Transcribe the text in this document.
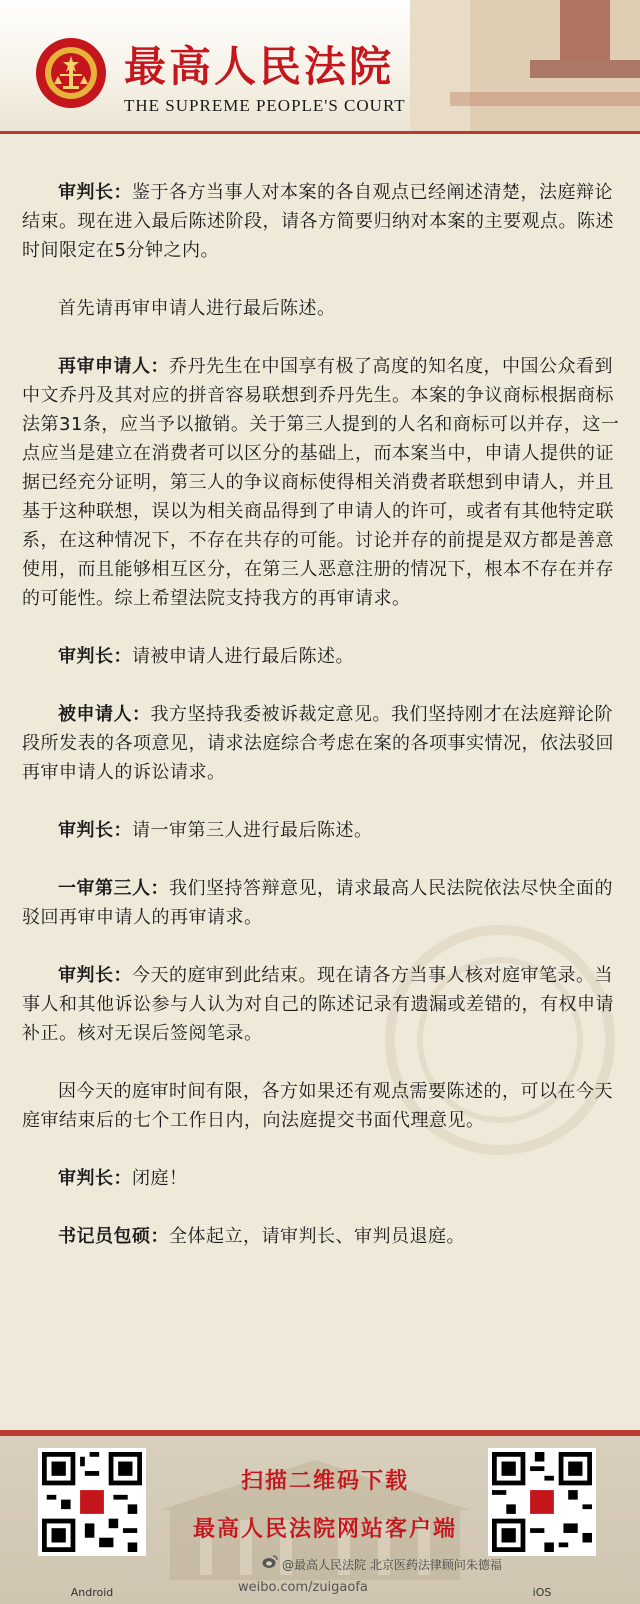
最高人民法院
THE SUPREME PEOPLE'S COURT

审判长：鉴于各方当事人对本案的各自观点已经阐述清楚，法庭辩论结束。现在进入最后陈述阶段，请各方简要归纳对本案的主要观点。陈述时间限定在5分钟之内。

首先请再审申请人进行最后陈述。

再审申请人：乔丹先生在中国享有极了高度的知名度，中国公众看到中文乔丹及其对应的拼音容易联想到乔丹先生。本案的争议商标根据商标法第31条，应当予以撤销。关于第三人提到的人名和商标可以并存，这一点应当是建立在消费者可以区分的基础上，而本案当中，申请人提供的证据已经充分证明，第三人的争议商标使得相关消费者联想到申请人，并且基于这种联想，误以为相关商品得到了申请人的许可，或者有其他特定联系，在这种情况下，不存在共存的可能。讨论并存的前提是双方都是善意使用，而且能够相互区分，在第三人恶意注册的情况下，根本不存在并存的可能性。综上希望法院支持我方的再审请求。

审判长：请被申请人进行最后陈述。

被申请人：我方坚持我委被诉裁定意见。我们坚持刚才在法庭辩论阶段所发表的各项意见，请求法庭综合考虑在案的各项事实情况，依法驳回再审申请人的诉讼请求。

审判长：请一审第三人进行最后陈述。

一审第三人：我们坚持答辩意见，请求最高人民法院依法尽快全面的驳回再审申请人的再审请求。

审判长：今天的庭审到此结束。现在请各方当事人核对庭审笔录。当事人和其他诉讼参与人认为对自己的陈述记录有遗漏或差错的，有权申请补正。核对无误后签阅笔录。

因今天的庭审时间有限，各方如果还有观点需要陈述的，可以在今天庭审结束后的七个工作日内，向法庭提交书面代理意见。

审判长：闭庭！

书记员包硕：全体起立，请审判长、审判员退庭。

Android
扫描二维码下载
最高人民法院网站客户端
iOS
@最高人民法院 北京医药法律顾问朱德福
weibo.com/zuigaofa
